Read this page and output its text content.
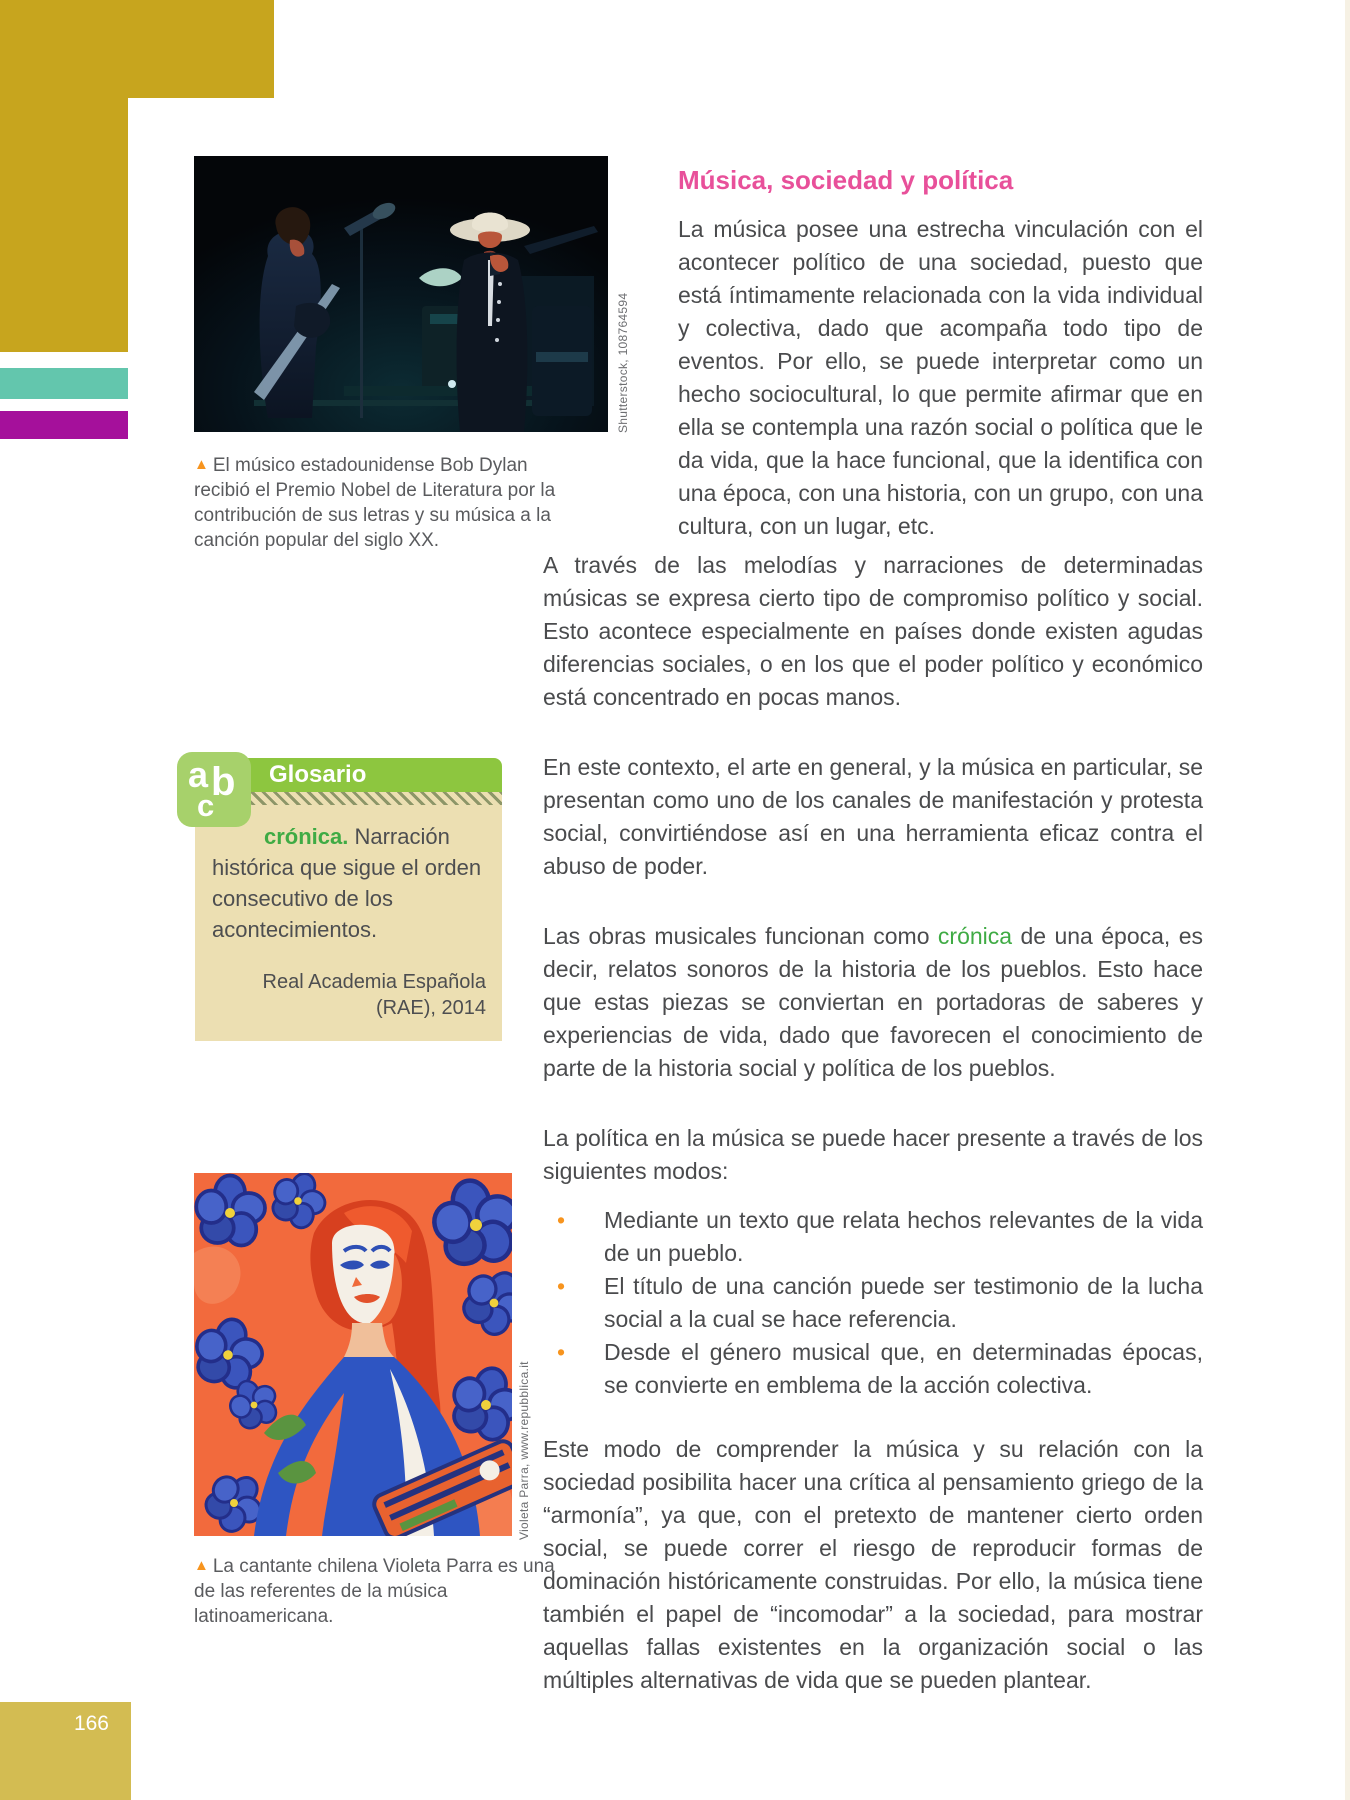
166
Shutterstock, 108764594
▲ El músico estadounidense Bob Dylan recibió el Premio Nobel de Literatura por la contribución de sus letras y su música a la canción popular del siglo XX.
Música, sociedad y política

La música posee una estrecha vinculación con el acontecer político de una sociedad, puesto que está íntimamente relacionada con la vida individual y colectiva, dado que acompaña todo tipo de eventos. Por ello, se puede interpretar como un hecho sociocultural, lo que permite afirmar que en ella se contempla una razón social o política que le da vida, que la hace funcional, que la identifica con una época, con una historia, con un grupo, con una cultura, con un lugar, etc.

A través de las melodías y narraciones de determinadas músicas se expresa cierto tipo de compromiso político y social. Esto acontece especialmente en países donde existen agudas diferencias sociales, o en los que el poder político y económico está concentrado en pocas manos.

En este contexto, el arte en general, y la música en particular, se presentan como uno de los canales de manifestación y protesta social, convirtiéndose así en una herramienta eficaz contra el abuso de poder.

Las obras musicales funcionan como crónica de una época, es decir, relatos sonoros de la historia de los pueblos. Esto hace que estas piezas se conviertan en portadoras de saberes y experiencias de vida, dado que favorecen el conocimiento de parte de la historia social y política de los pueblos.

La política en la música se puede hacer presente a través de los siguientes modos:

•	Mediante un texto que relata hechos relevantes de la vida de un pueblo.
•	El título de una canción puede ser testimonio de la lucha social a la cual se hace referencia.
•	Desde el género musical que, en determinadas épocas, se convierte en emblema de la acción colectiva.

Este modo de comprender la música y su relación con la sociedad posibilita hacer una crítica al pensamiento griego de la “armonía”, ya que, con el pretexto de mantener cierto orden social, se puede correr el riesgo de reproducir formas de dominación históricamente construidas. Por ello, la música tiene también el papel de “incomodar” a la sociedad, para mostrar aquellas fallas existentes en la organización social o las múltiples alternativas de vida que se pueden plantear.

a b
c
Glosario

crónica. Narración histórica que sigue el orden consecutivo de los acontecimientos.

Real Academia Española
(RAE), 2014

Violeta Parra, www.repubblica.it
▲ La cantante chilena Violeta Parra es una de las referentes de la música latinoamericana.
